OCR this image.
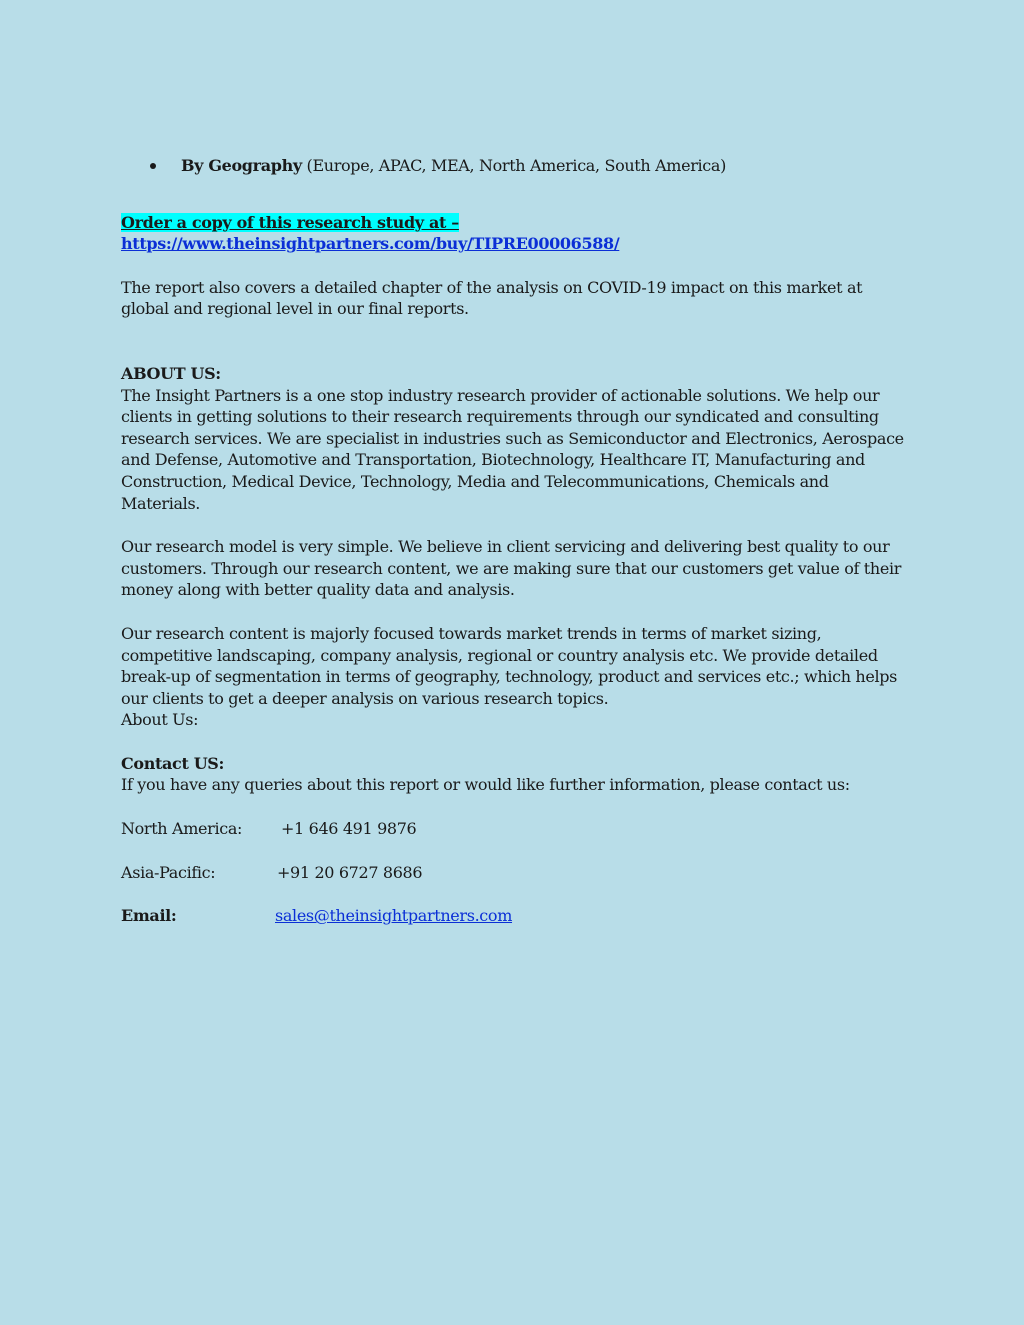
By Geography (Europe, APAC, MEA, North America, South America)
Order a copy of this research study at –
https://www.theinsightpartners.com/buy/TIPRE00006588/

The report also covers a detailed chapter of the analysis on COVID-19 impact on this market at global and regional level in our final reports.

ABOUT US:

The Insight Partners is a one stop industry research provider of actionable solutions. We help our clients in getting solutions to their research requirements through our syndicated and consulting research services. We are specialist in industries such as Semiconductor and Electronics, Aerospace and Defense, Automotive and Transportation, Biotechnology, Healthcare IT, Manufacturing and Construction, Medical Device, Technology, Media and Telecommunications, Chemicals and Materials.

Our research model is very simple. We believe in client servicing and delivering best quality to our customers. Through our research content, we are making sure that our customers get value of their money along with better quality data and analysis.

Our research content is majorly focused towards market trends in terms of market sizing, competitive landscaping, company analysis, regional or country analysis etc. We provide detailed break-up of segmentation in terms of geography, technology, product and services etc.; which helps our clients to get a deeper analysis on various research topics.

About Us:

Contact US:

If you have any queries about this report or would like further information, please contact us:

North America:	+1 646 491 9876
Asia-Pacific:	+91 20 6727 8686
Email:	sales@theinsightpartners.com
